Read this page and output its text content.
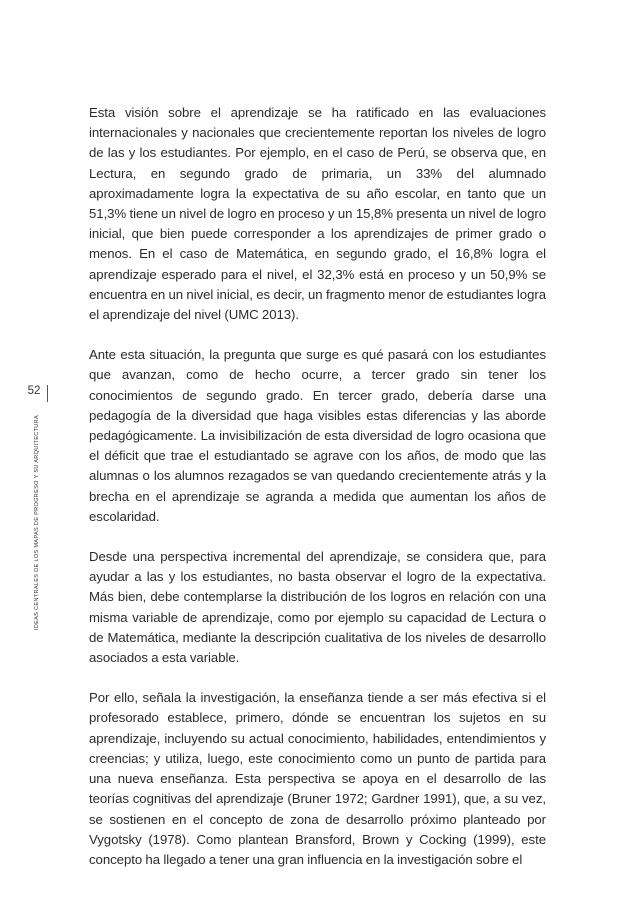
52
IDEAS CENTRALES DE LOS MAPAS DE PROGRESO Y SU ARQUITECTURA

Esta visión sobre el aprendizaje se ha ratificado en las evaluaciones internacionales y nacionales que crecientemente reportan los niveles de logro de las y los estudiantes. Por ejemplo, en el caso de Perú, se observa que, en Lectura, en segundo grado de primaria, un 33% del alumnado aproximadamente logra la expectativa de su año escolar, en tanto que un 51,3% tiene un nivel de logro en proceso y un 15,8% presenta un nivel de logro inicial, que bien puede corresponder a los aprendizajes de primer grado o menos. En el caso de Matemática, en segundo grado, el 16,8% logra el aprendizaje esperado para el nivel, el 32,3% está en proceso y un 50,9% se encuentra en un nivel inicial, es decir, un fragmento menor de estudiantes logra el aprendizaje del nivel (UMC 2013).

Ante esta situación, la pregunta que surge es qué pasará con los estudiantes que avanzan, como de hecho ocurre, a tercer grado sin tener los conocimientos de segundo grado. En tercer grado, debería darse una pedagogía de la diversidad que haga visibles estas diferencias y las aborde pedagógicamente. La invisibilización de esta diversidad de logro ocasiona que el déficit que trae el estudiantado se agrave con los años, de modo que las alumnas o los alumnos rezagados se van quedando crecientemente atrás y la brecha en el aprendizaje se agranda a medida que aumentan los años de escolaridad.

Desde una perspectiva incremental del aprendizaje, se considera que, para ayudar a las y los estudiantes, no basta observar el logro de la expectativa. Más bien, debe contemplarse la distribución de los logros en relación con una misma variable de aprendizaje, como por ejemplo su capacidad de Lectura o de Matemática, mediante la descripción cualitativa de los niveles de desarrollo asociados a esta variable.

Por ello, señala la investigación, la enseñanza tiende a ser más efectiva si el profesorado establece, primero, dónde se encuentran los sujetos en su aprendizaje, incluyendo su actual conocimiento, habilidades, entendimientos y creencias; y utiliza, luego, este conocimiento como un punto de partida para una nueva enseñanza. Esta perspectiva se apoya en el desarrollo de las teorías cognitivas del aprendizaje (Bruner 1972; Gardner 1991), que, a su vez, se sostienen en el concepto de zona de desarrollo próximo planteado por Vygotsky (1978). Como plantean Bransford, Brown y Cocking (1999), este concepto ha llegado a tener una gran influencia en la investigación sobre el
